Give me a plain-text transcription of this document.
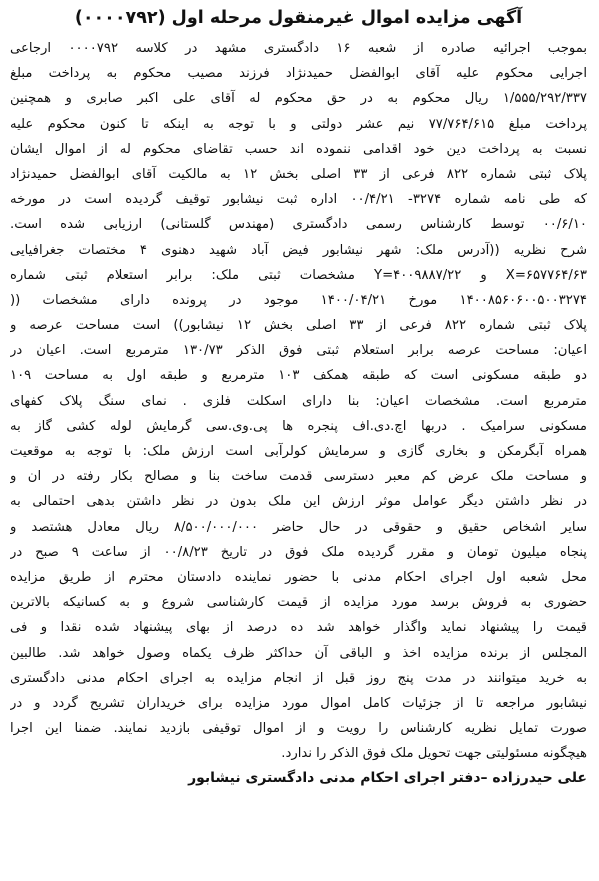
آگهی مزایده اموال غیرمنقول مرحله اول (۰۰۰۰۷۹۲)
بموجب اجرائیه صادره از شعبه ۱۶ دادگستری مشهد در کلاسه ۰۰۰۰۷۹۲ ارجاعی
اجرایی محکوم علیه آقای ابوالفضل حمیدنژاد فرزند مصیب محکوم به پرداخت مبلغ
۱/۵۵۵/۲۹۲/۳۳۷ ریال محکوم به در حق محکوم له آقای علی اکبر صابری و همچنین
پرداخت مبلغ ۷۷/۷۶۴/۶۱۵ نیم عشر دولتی و با توجه به اینکه تا کنون محکوم علیه
نسبت به پرداخت دین خود اقدامی ننموده اند حسب تقاضای محکوم له از اموال ایشان
پلاک ثبتی شماره ۸۲۲ فرعی از ۳۳ اصلی بخش ۱۲ به مالکیت آقای ابوالفضل حمیدنژاد
که طی نامه شماره ۳۲۷۴- ۰۰/۴/۲۱ اداره ثبت نیشابور توقیف گردیده است در مورخه
۰۰/۶/۱۰ توسط کارشناس رسمی دادگستری (مهندس گلستانی) ارزیابی شده است.
شرح نظریه ((آدرس ملک: شهر نیشابور فیض آباد شهید دهنوی ۴ مختصات جغرافیایی
X=۶۵۷۷۶۴/۶۳ و Y=۴۰۰۹۸۸۷/۲۲ مشخصات ثبتی ملک: برابر استعلام ثبتی شماره
۱۴۰۰۸۵۶۰۶۰۰۵۰۰۳۲۷۴ مورخ ۱۴۰۰/۰۴/۲۱ موجود در پرونده دارای مشخصات ((
پلاک ثبتی شماره ۸۲۲ فرعی از ۳۳ اصلی بخش ۱۲ نیشابور)) است مساحت عرصه و
اعیان: مساحت عرصه برابر استعلام ثبتی فوق الذکر ۱۳۰/۷۳ مترمربع است. اعیان در
دو طبقه مسکونی است که طبقه همکف ۱۰۳ مترمربع و طبقه اول به مساحت ۱۰۹
مترمربع است. مشخصات اعیان: بنا دارای اسکلت فلزی . نمای سنگ پلاک کفهای
مسکونی سرامیک . دربها اچ.دی.اف پنجره ها پی.وی.سی گرمایش لوله کشی گاز به
همراه آبگرمکن و بخاری گازی و سرمایش کولرآبی است ارزش ملک: با توجه به موقعیت
و مساحت ملک عرض کم معبر دسترسی قدمت ساخت بنا و مصالح بکار رفته در ان و
در نظر داشتن دیگر عوامل موثر ارزش این ملک بدون در نظر داشتن بدهی احتمالی به
سایر اشخاص حقیق و حقوقی در حال حاضر ۸/۵۰۰/۰۰۰/۰۰۰ ریال معادل هشتصد و
پنجاه میلیون تومان و مقرر گردیده ملک فوق در تاریخ ۰۰/۸/۲۳ از ساعت ۹ صبح در
محل شعبه اول اجرای احکام مدنی با حضور نماینده دادستان محترم از طریق مزایده
حضوری به فروش برسد مورد مزایده از قیمت کارشناسی شروع و به کسانیکه بالاترین
قیمت را پیشنهاد نماید واگذار خواهد شد ده درصد از بهای پیشنهاد شده نقدا و فی
المجلس از برنده مزایده اخذ و الباقی آن حداکثر ظرف یکماه وصول خواهد شد. طالبین
به خرید میتوانند در مدت پنج روز قبل از انجام مزایده به اجرای احکام مدنی دادگستری
نیشابور مراجعه تا از جزئیات کامل اموال مورد مزایده برای خریداران تشریح گردد و در
صورت تمایل نظریه کارشناس را رویت و از اموال توقیفی بازدید نمایند. ضمنا این اجرا
هیچگونه مسئولیتی جهت تحویل ملک فوق الذکر را ندارد.
علی حیدرزاده –دفتر اجرای احکام مدنی دادگستری نیشابور
